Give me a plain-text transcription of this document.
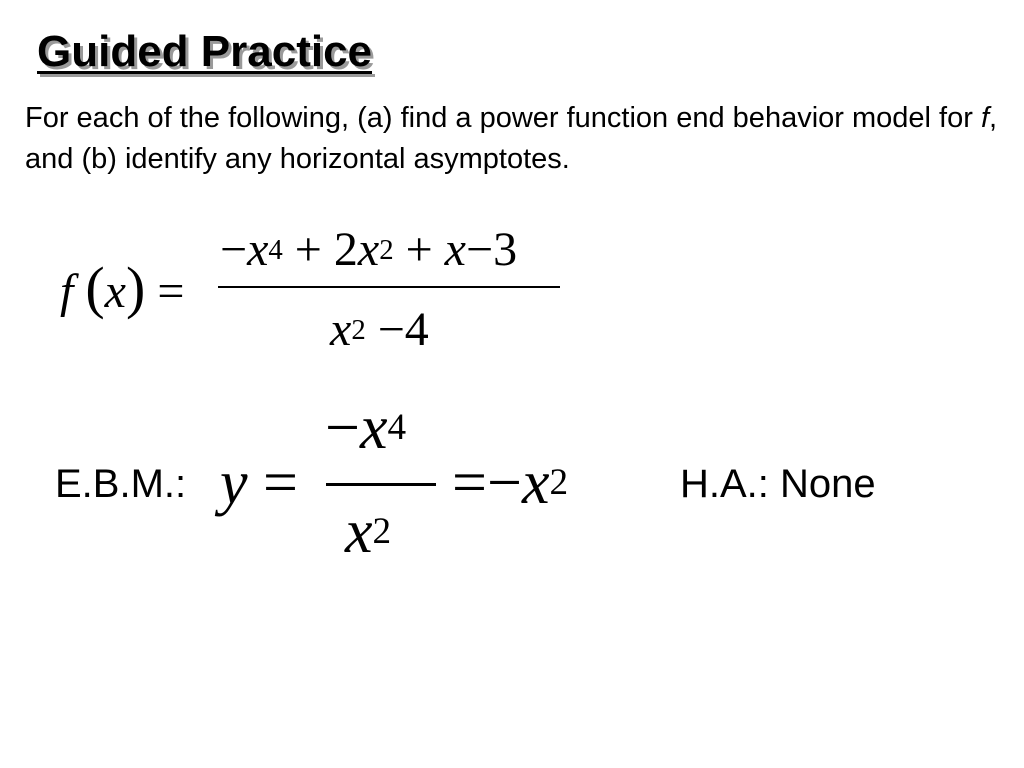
Guided Practice
For each of the following, (a) find a power function end behavior model for f, and (b) identify any horizontal asymptotes.
f (x) =
$-x^4 + 2x^2 + x-3$
$x^2 -4$
E.B.M.: y =
$-x^4$
$x^2$
$=-x^2$	H.A.: None
